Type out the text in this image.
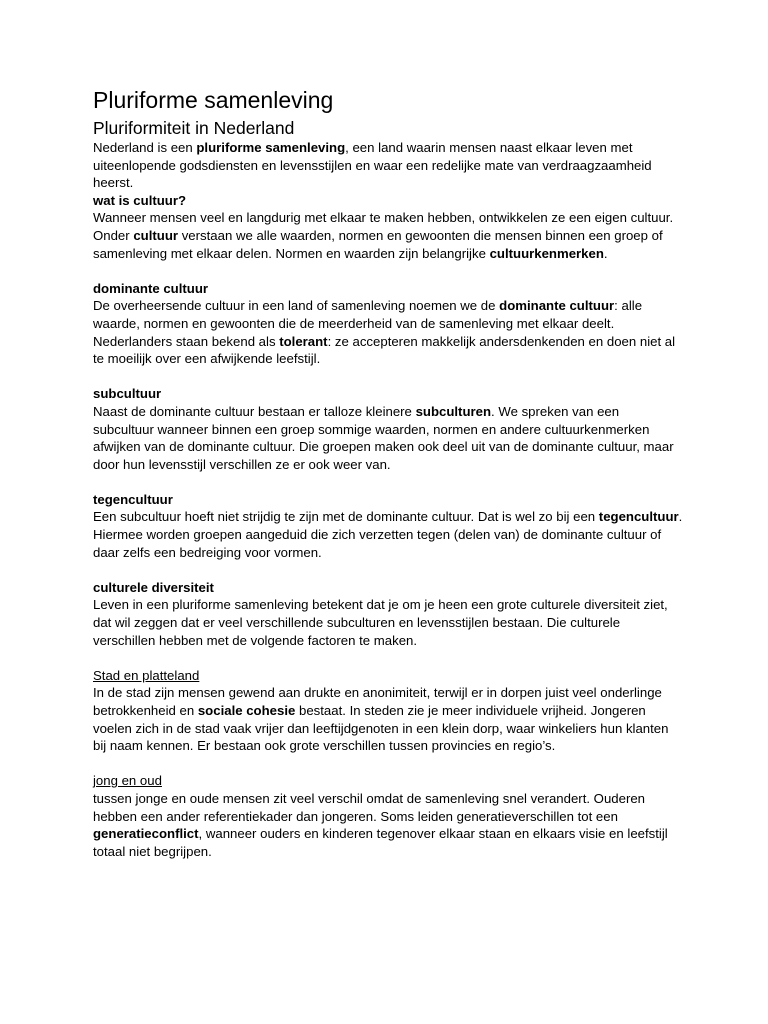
Pluriforme samenleving
Pluriformiteit in Nederland

Nederland is een pluriforme samenleving, een land waarin mensen naast elkaar leven met uiteenlopende godsdiensten en levensstijlen en waar een redelijke mate van verdraagzaamheid heerst.

wat is cultuur?

Wanneer mensen veel en langdurig met elkaar te maken hebben, ontwikkelen ze een eigen cultuur. Onder cultuur verstaan we alle waarden, normen en gewoonten die mensen binnen een groep of samenleving met elkaar delen. Normen en waarden zijn belangrijke cultuurkenmerken.

dominante cultuur

De overheersende cultuur in een land of samenleving noemen we de dominante cultuur: alle waarde, normen en gewoonten die de meerderheid van de samenleving met elkaar deelt. Nederlanders staan bekend als tolerant: ze accepteren makkelijk andersdenkenden en doen niet al te moeilijk over een afwijkende leefstijl.

subcultuur

Naast de dominante cultuur bestaan er talloze kleinere subculturen. We spreken van een subcultuur wanneer binnen een groep sommige waarden, normen en andere cultuurkenmerken afwijken van de dominante cultuur. Die groepen maken ook deel uit van de dominante cultuur, maar door hun levensstijl verschillen ze er ook weer van.

tegencultuur

Een subcultuur hoeft niet strijdig te zijn met de dominante cultuur. Dat is wel zo bij een tegencultuur. Hiermee worden groepen aangeduid die zich verzetten tegen (delen van) de dominante cultuur of daar zelfs een bedreiging voor vormen.

culturele diversiteit

Leven in een pluriforme samenleving betekent dat je om je heen een grote culturele diversiteit ziet, dat wil zeggen dat er veel verschillende subculturen en levensstijlen bestaan. Die culturele verschillen hebben met de volgende factoren te maken.

Stad en platteland

In de stad zijn mensen gewend aan drukte en anonimiteit, terwijl er in dorpen juist veel onderlinge betrokkenheid en sociale cohesie bestaat. In steden zie je meer individuele vrijheid. Jongeren voelen zich in de stad vaak vrijer dan leeftijdgenoten in een klein dorp, waar winkeliers hun klanten bij naam kennen. Er bestaan ook grote verschillen tussen provincies en regio’s.

jong en oud

tussen jonge en oude mensen zit veel verschil omdat de samenleving snel verandert. Ouderen hebben een ander referentiekader dan jongeren. Soms leiden generatieverschillen tot een generatieconflict, wanneer ouders en kinderen tegenover elkaar staan en elkaars visie en leefstijl totaal niet begrijpen.
